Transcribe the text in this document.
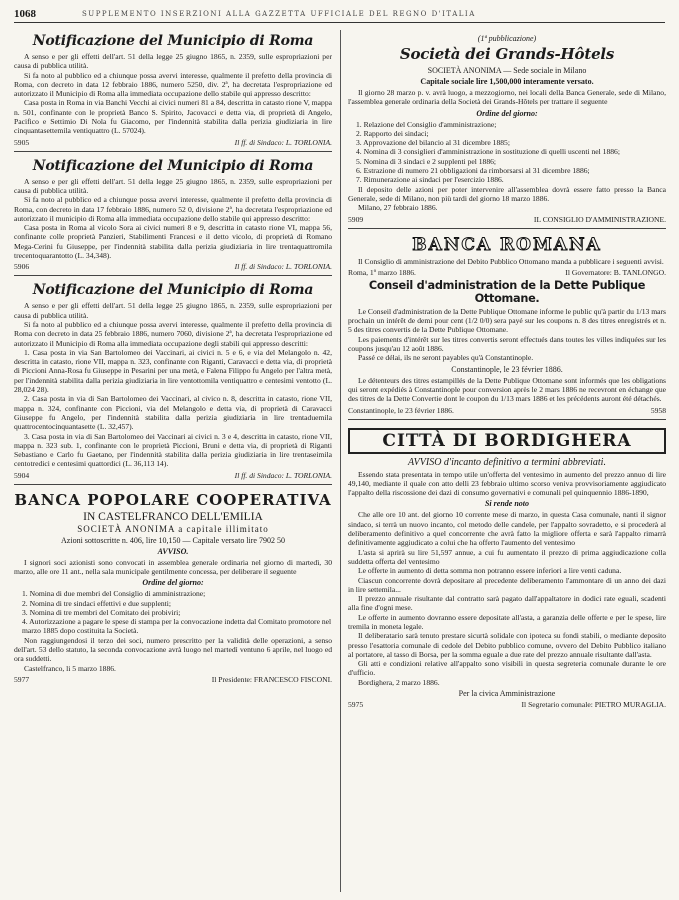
1068	SUPPLEMENTO INSERZIONI ALLA GAZZETTA UFFICIALE DEL REGNO D'ITALIA
Notificazione del Municipio di Roma

A senso e per gli effetti dell'art. 51 della legge 25 giugno 1865, n. 2359, sulle espropriazioni per causa di pubblica utilità.

Si fa noto al pubblico ed a chiunque possa avervi interesse, qualmente il prefetto della provincia di Roma, con decreto in data 12 febbraio 1886, numero 5250, div. 2ª, ha decretata l'espropriazione ed autorizzato il Municipio di Roma alla immediata occupazione dello stabile qui appresso descritto:

Casa posta in Roma in via Banchi Vecchi ai civici numeri 81 a 84, descritta in catasto rione V, mappa n. 501, confinante con le proprietà Banco S. Spirito, Jacovacci e detta via, di proprietà di Angelo, Pacifico e Settimio Di Nola fu Giacomo, per l'indennità stabilita dalla perizia giudiziaria in lire cinquantasettemila ventiquattro (L. 57024).

5905	Il ff. di Sindaco: L. TORLONIA.
Notificazione del Municipio di Roma

A senso e per gli effetti dell'art. 51 della legge 25 giugno 1865, n. 2359, sulle espropriazioni per causa di pubblica utilità.

Si fa noto al pubblico ed a chiunque possa avervi interesse, qualmente il prefetto della provincia di Roma, con decreto in data 17 febbraio 1886, numero 52 0, divisione 2ª, ha decretata l'espropriazione ed autorizzato il municipio di Roma alla immediata occupazione dello stabile qui appresso descritto:

Casa posta in Roma al vicolo Sora ai civici numeri 8 e 9, descritta in catasto rione VI, mappa 56, confinante colle proprietà Panzieri, Stabilimenti Francesi e il detto vicolo, di proprietà di Romano Mega-Cerini fu Giuseppe, per l'indennità stabilita dalla perizia giudiziaria in lire trentaquattromila trecentoquarantotto (L. 34,348).

5906	Il ff. di Sindaco: L. TORLONIA.
Notificazione del Municipio di Roma

A senso e per gli effetti dell'art. 51 della legge 25 giugno 1865, n. 2359, sulle espropriazioni per causa di pubblica utilità.

Si fa noto al pubblico ed a chiunque possa avervi interesse, qualmente il prefetto della provincia di Roma con decreto in data 25 febbraio 1886, numero 7060, divisione 2ª, ha decretata l'espropriazione ed autorizzato il Municipio di Roma alla immediata occupazione degli stabili qui appresso descritti:

1. Casa posta in via San Bartolomeo dei Vaccinari, ai civici n. 5 e 6, e via del Melangolo n. 42, descritta in catasto, rione VII, mappa n. 323, confinante con Riganti, Caravacci e detta via, di proprietà di Piccioni Anna-Rosa fu Giuseppe in Pesarini per una metà, e Falena Filippo fu Angelo per l'altra metà, per l'indennità stabilita dalla perizia giudiziaria in lire ventottomila ventiquattro e centesimi ventotto (L. 28,024 28).

2. Casa posta in via di San Bartolomeo dei Vaccinari, al civico n. 8, descritta in catasto, rione VII, mappa n. 324, confinante con Piccioni, via del Melangolo e detta via, di proprietà di Caravacci Giuseppe fu Angelo, per l'indennità stabilita dalla perizia giudiziaria in lire trentaduemila quattrocentocinquantasette (L. 32,457).

3. Casa posta in via di San Bartolomeo dei Vaccinari ai civici n. 3 e 4, descritta in catasto, rione VII, mappa n. 323 sub. 1, confinante con le proprietà Piccioni, Bruni e detta via, di proprietà di Riganti Sebastiano e Carlo fu Gaetano, per l'indennità stabilita dalla perizia giudiziaria in lire trentaseimila centotredici e centesimi quattordici (L. 36,113 14).

5904	Il ff. di Sindaco: L. TORLONIA.
BANCA POPOLARE COOPERATIVA
IN CASTELFRANCO DELL'EMILIA
SOCIETÀ ANONIMA a capitale illimitato
Azioni sottoscritte n. 406, lire 10,150 — Capitale versato lire 7902 50
AVVISO.

I signori soci azionisti sono convocati in assemblea generale ordinaria nel giorno di martedì, 30 marzo, alle ore 11 ant., nella sala municipale gentilmente concessa, per deliberare il seguente

Ordine del giorno:

1. Nomina di due membri del Consiglio di amministrazione;

2. Nomina di tre sindaci effettivi e due supplenti;

3. Nomina di tre membri del Comitato dei probiviri;

4. Autorizzazione a pagare le spese di stampa per la convocazione indetta dal Comitato promotore nel marzo 1885 dopo costituita la Società.

Non raggiungendosi il terzo dei soci, numero prescritto per la validità delle operazioni, a senso dell'art. 53 dello statuto, la seconda convocazione avrà luogo nel martedì ventuno 6 aprile, nel luogo ed ora suddetti.

Castelfranco, li 5 marzo 1886.

5977	Il Presidente: FRANCESCO FISCONI.
(1ª pubblicazione)
Società dei Grands-Hôtels
SOCIETÀ ANONIMA — Sede sociale in Milano
Capitale sociale lire 1,500,000 interamente versato.

Il giorno 28 marzo p. v. avrà luogo, a mezzogiorno, nei locali della Banca Generale, sede di Milano, l'assemblea generale ordinaria della Società dei Grands-Hôtels per trattare il seguente

Ordine del giorno:

1. Relazione del Consiglio d'amministrazione;

2. Rapporto dei sindaci;

3. Approvazione del bilancio al 31 dicembre 1885;

4. Nomina di 3 consiglieri d'amministrazione in sostituzione di quelli uscenti nel 1886;

5. Nomina di 3 sindaci e 2 supplenti pel 1886;

6. Estrazione di numero 21 obbligazioni da rimborsarsi al 31 dicembre 1886;

7. Rimunerazione ai sindaci per l'esercizio 1886.

Il deposito delle azioni per poter intervenire all'assemblea dovrà essere fatto presso la Banca Generale, sede di Milano, non più tardi del giorno 18 marzo 1886.

Milano, 27 febbraio 1886.

5909	IL CONSIGLIO D'AMMINISTRAZIONE.
BANCA ROMANA

Il Consiglio di amministrazione del Debito Pubblico Ottomano manda a pubblicare i seguenti avvisi.

Roma, 1º marzo 1886.	Il Governatore: B. TANLONGO.
Conseil d'administration de la Dette Publique Ottomane.

Le Conseil d'administration de la Dette Publique Ottomane informe le public qu'à partir du 1/13 mars prochain un intérêt de demi pour cent (1/2 0/0) sera payé sur les coupons n. 8 des titres enregistrés et n. 5 des titres convertis de la Dette Publique Ottomane.

Les paiements d'intérêt sur les titres convertis seront effectués dans toutes les villes indiquées sur les coupons jusqu'au 12 août 1886.

Passé ce délai, ils ne seront payables qu'à Constantinople.

Constantinople, le 23 février 1886.

Le détenteurs des titres estampillés de la Dette Publique Ottomane sont informés que les obligations qui seront expédiés à Constantinople pour conversion après le 2 mars 1886 ne recevront en échange que des titres de la Dette Convertie dont le coupon du 1/13 mars 1886 et les précédents auront été détachés.

Constantinople, le 23 février 1886.	5958
CITTÀ DI BORDIGHERA
AVVISO d'incanto definitivo a termini abbreviati.

Essendo stata presentata in tempo utile un'offerta del ventesimo in aumento del prezzo annuo di lire 49,140, mediante il quale con atto delli 23 febbraio ultimo scorso veniva provvisoriamente aggiudicato l'appalto della riscossione dei dazi di consumo governativi e comunali pel quinquennio 1886-1890,

Si rende noto

Che alle ore 10 ant. del giorno 10 corrente mese di marzo, in questa Casa comunale, nanti il signor sindaco, si terrà un nuovo incanto, col metodo delle candele, per l'appalto sovradetto, e si procederà al deliberamento definitivo a quel concorrente che avrà fatto la migliore offerta e sarà l'appalto rimarrà definitivamente aggiudicato a colui che ha offerto l'aumento del ventesimo

L'asta si aprirà su lire 51,597 annue, a cui fu aumentato il prezzo di prima aggiudicazione colla suddetta offerta del ventesimo

Le offerte in aumento di detta somma non potranno essere inferiori a lire venti caduna.

Ciascun concorrente dovrà depositare al precedente deliberamento l'ammontare di un anno dei dazi in lire settemila...

Il prezzo annuale risultante dal contratto sarà pagato dall'appaltatore in dodici rate eguali, scadenti alla fine d'ogni mese.

Le offerte in aumento dovranno essere depositate all'asta, a garanzia delle offerte e per le spese, lire tremila in moneta legale.

Il deliberatario sarà tenuto prestare sicurtà solidale con ipoteca su fondi stabili, o mediante deposito presso l'esattoria comunale di cedole del Debito pubblico comune, ovvero del Debito Pubblico italiano al portatore, al tasso di Borsa, per la somma eguale a due rate del prezzo annuale risultante dall'asta.

Gli atti e condizioni relative all'appalto sono visibili in questa segreteria comunale durante le ore d'ufficio.

Bordighera, 2 marzo 1886.

Per la civica Amministrazione
5975	Il Segretario comunale: PIETRO MURAGLIA.
